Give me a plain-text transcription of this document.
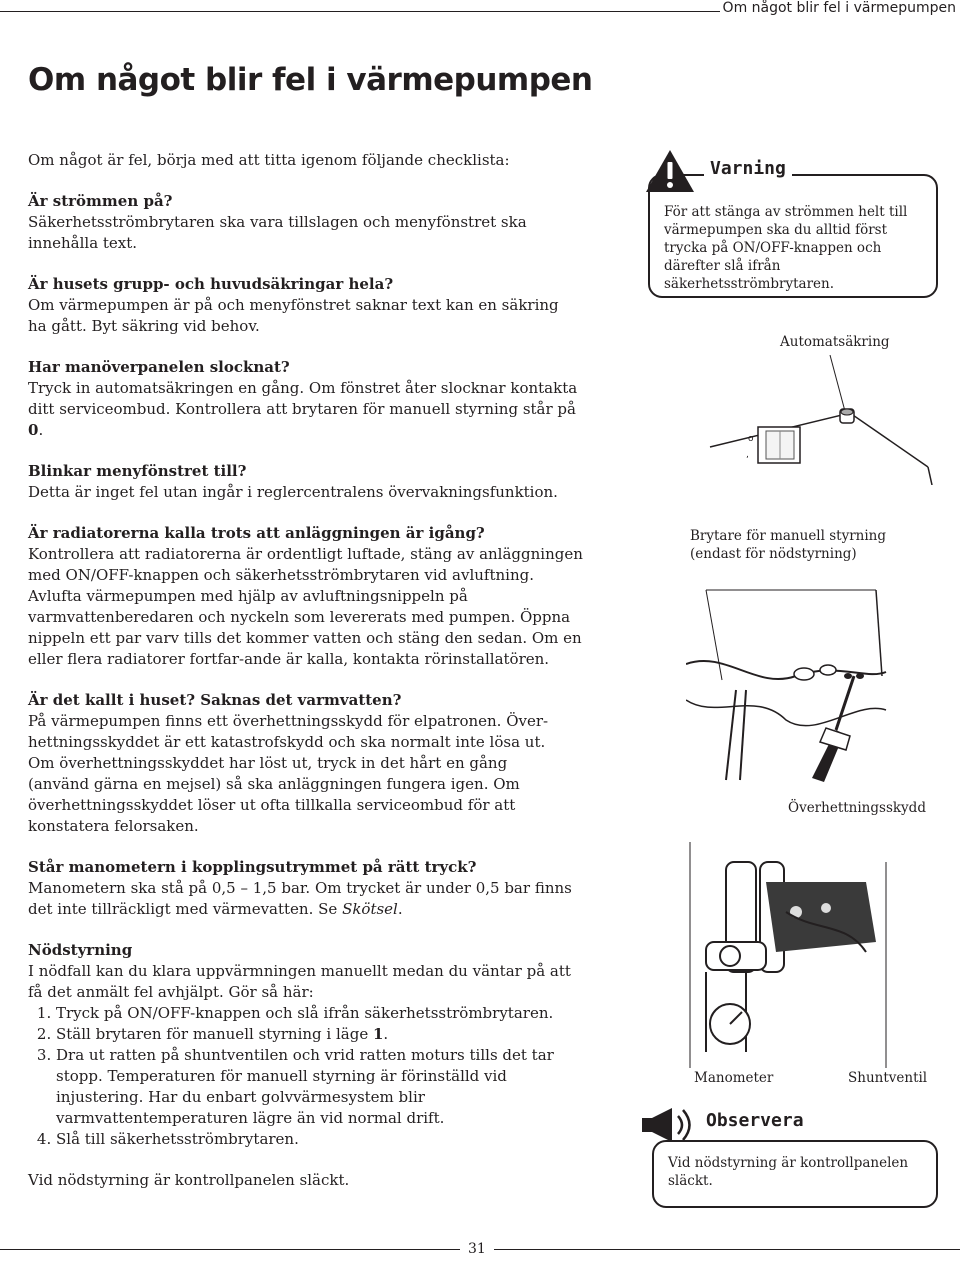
Om något blir fel i värmepumpen
Om något blir fel i värmepumpen

Om något är fel, börja med att titta igenom följande checklista:

Är strömmen på?

Säkerhetsströmbrytaren ska vara tillslagen och menyfönstret ska innehålla text.

Är husets grupp- och huvudsäkringar hela?

Om värmepumpen är på och menyfönstret saknar text kan en säkring ha gått. Byt säkring vid behov.

Har manöverpanelen slocknat?

Tryck in automatsäkringen en gång. Om fönstret åter slocknar kontakta ditt serviceombud. Kontrollera att brytaren för manuell styrning står på 0.

Blinkar menyfönstret till?

Detta är inget fel utan ingår i reglercentralens övervakningsfunktion.

Är radiatorerna kalla trots att anläggningen är igång?

Kontrollera att radiatorerna är ordentligt luftade, stäng av anläggningen med ON/OFF-knappen och säkerhetsströmbrytaren vid avluftning. Avlufta värmepumpen med hjälp av avluftningsnippeln på varmvattenberedaren och nyckeln som levererats med pumpen. Öppna nippeln ett par varv tills det kommer vatten och stäng den sedan. Om en eller flera radiatorer fortfar-ande är kalla, kontakta rörinstallatören.

Är det kallt i huset? Saknas det varmvatten?

På värmepumpen finns ett överhettningsskydd för elpatronen. Över-hettningsskyddet är ett katastrofskydd och ska normalt inte lösa ut. Om överhettningsskyddet har löst ut, tryck in det hårt en gång (använd gärna en mejsel) så ska anläggningen fungera igen. Om överhettningsskyddet löser ut ofta tillkalla serviceombud för att konstatera felorsaken.

Står manometern i kopplingsutrymmet på rätt tryck?

Manometern ska stå på 0,5 – 1,5 bar. Om trycket är under 0,5 bar finns det inte tillräckligt med värmevatten. Se Skötsel.

Nödstyrning

I nödfall kan du klara uppvärmningen manuellt medan du väntar på att få det anmält fel avhjälpt. Gör så här:

1. Tryck på ON/OFF-knappen och slå ifrån säkerhetsströmbrytaren.
2. Ställ brytaren för manuell styrning i läge 1.
3. Dra ut ratten på shuntventilen och vrid ratten moturs tills det tar stopp. Temperaturen för manuell styrning är förinställd vid injustering. Har du enbart golvvärmesystem blir varmvattentemperaturen lägre än vid normal drift.
4. Slå till säkerhetsströmbrytaren.

Vid nödstyrning är kontrollpanelen släckt.

Varning
För att stänga av strömmen helt till värmepumpen ska du alltid först trycka på ON/OFF-knappen och därefter slå ifrån säkerhetsströmbrytaren.
Automatsäkring
o
,
Brytare för manuell styrning (endast för nödstyrning)
Överhettningsskydd
Manometer	Shuntventil
Observera
Vid nödstyrning är kontrollpanelen släckt.
31
